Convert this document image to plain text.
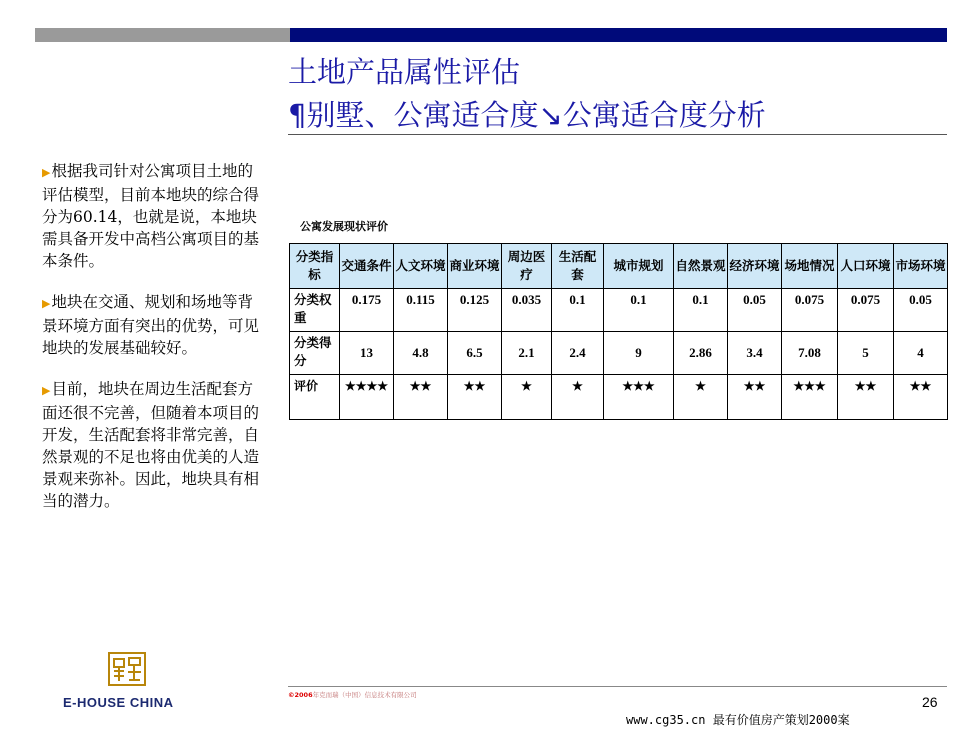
土地产品属性评估
¶别墅、公寓适合度↘公寓适合度分析

▶根据我司针对公寓项目土地的评估模型，目前本地块的综合得分为60.14，也就是说，本地块需具备开发中高档公寓项目的基本条件。

▶地块在交通、规划和场地等背景环境方面有突出的优势，可见地块的发展基础较好。

▶目前，地块在周边生活配套方面还很不完善，但随着本项目的开发，生活配套将非常完善，自然景观的不足也将由优美的人造景观来弥补。因此，地块具有相当的潜力。

公寓发展现状评价
分类指标	交通条件	人文环境	商业环境	周边医疗	生活配套	城市规划	自然景观	经济环境	场地情况	人口环境	市场环境
分类权重	0.175	0.115	0.125	0.035	0.1	0.1	0.1	0.05	0.075	0.075	0.05
分类得分	13	4.8	6.5	2.1	2.4	9	2.86	3.4	7.08	5	4
评价	★★★★	★★	★★	★	★	★★★	★	★★	★★★	★★	★★
E-HOUSE CHINA	©2006年克而瑞（中国）信息技术有限公司	26
www.cg35.cn 最有价值房产策划2000案
